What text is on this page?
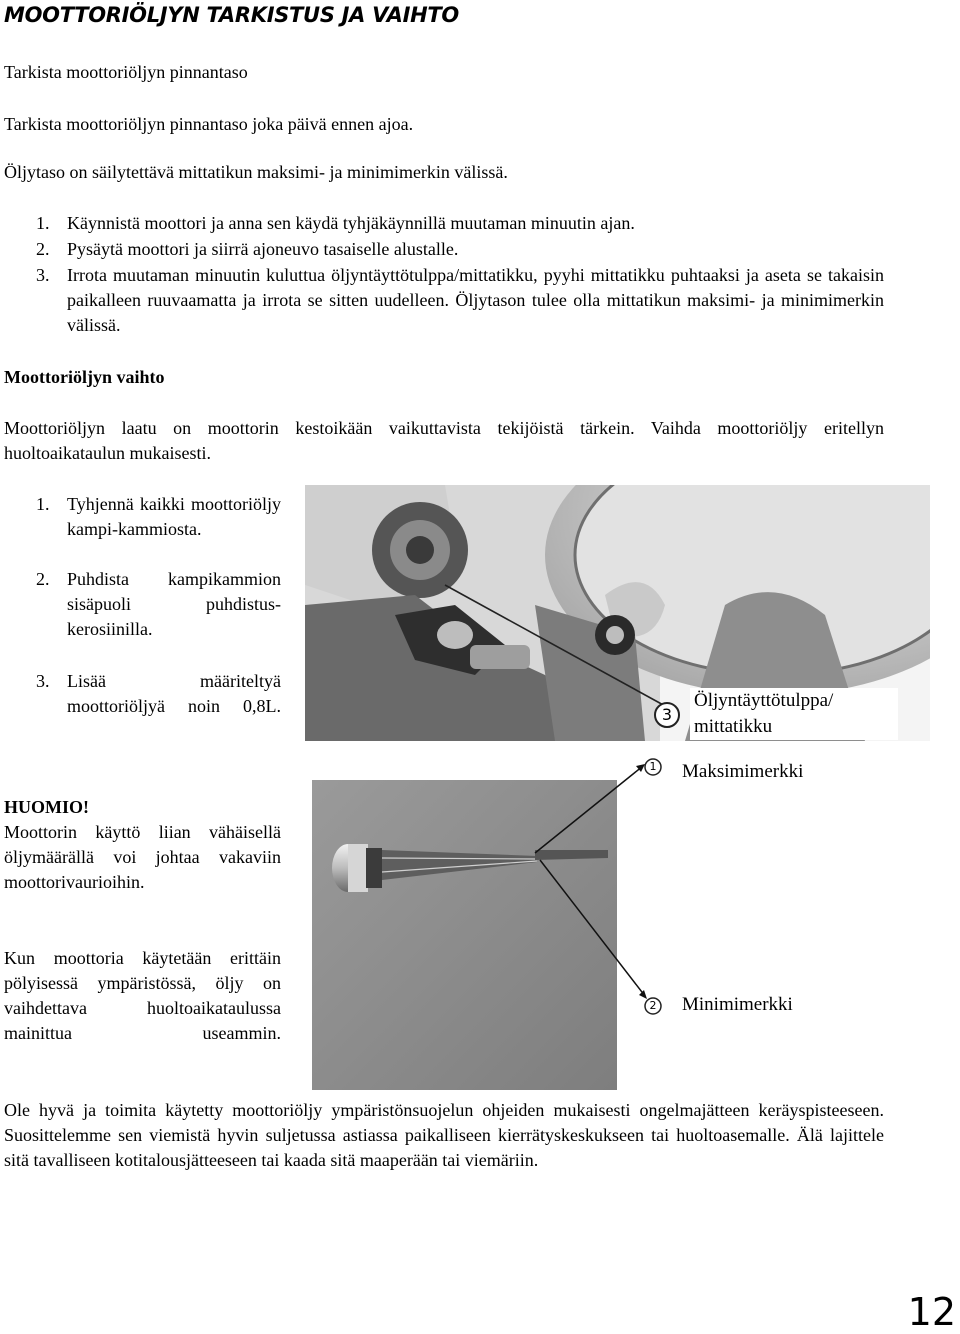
MOOTTORIÖLJYN TARKISTUS JA VAIHTO

Tarkista moottoriöljyn pinnantaso

Tarkista moottoriöljyn pinnantaso joka päivä ennen ajoa.

Öljytaso on säilytettävä mittatikun maksimi- ja minimimerkin välissä.

1. Käynnistä moottori ja anna sen käydä tyhjäkäynnillä muutaman minuutin ajan.
2. Pysäytä moottori ja siirrä ajoneuvo tasaiselle alustalle.
3. Irrota muutaman minuutin kuluttua öljyntäyttötulppa/mittatikku, pyyhi mittatikku puhtaaksi ja aseta se takaisin paikalleen ruuvaamatta ja irrota se sitten uudelleen. Öljytason tulee olla mittatikun maksimi- ja minimimerkin välissä.

Moottoriöljyn vaihto

Moottoriöljyn laatu on moottorin kestoikään vaikuttavista tekijöistä tärkein. Vaihda moottoriöljy eritellyn huoltoaikataulun mukaisesti.

1. Tyhjennä kaikki moottoriöljy kampi-kammiosta.
2. Puhdista kampikammion sisäpuoli puhdistus-kerosiinilla.
3. Lisää määriteltyä moottoriöljyä noin 0,8L.	3
Öljyntäyttötulppa/ mittatikku
1	Maksimimerkki
2	Minimimerkki

HUOMIO!

Moottorin käyttö liian vähäisellä öljymäärällä voi johtaa vakaviin moottorivaurioihin.

Kun moottoria käytetään erittäin pölyisessä ympäristössä, öljy on vaihdettava huoltoaikataulussa mainittua useammin.

Ole hyvä ja toimita käytetty moottoriöljy ympäristönsuojelun ohjeiden mukaisesti ongelmajätteen keräyspisteeseen. Suosittelemme sen viemistä hyvin suljetussa astiassa paikalliseen kierrätyskeskukseen tai huoltoasemalle. Älä lajittele sitä tavalliseen kotitalousjätteeseen tai kaada sitä maaperään tai viemäriin.

12
